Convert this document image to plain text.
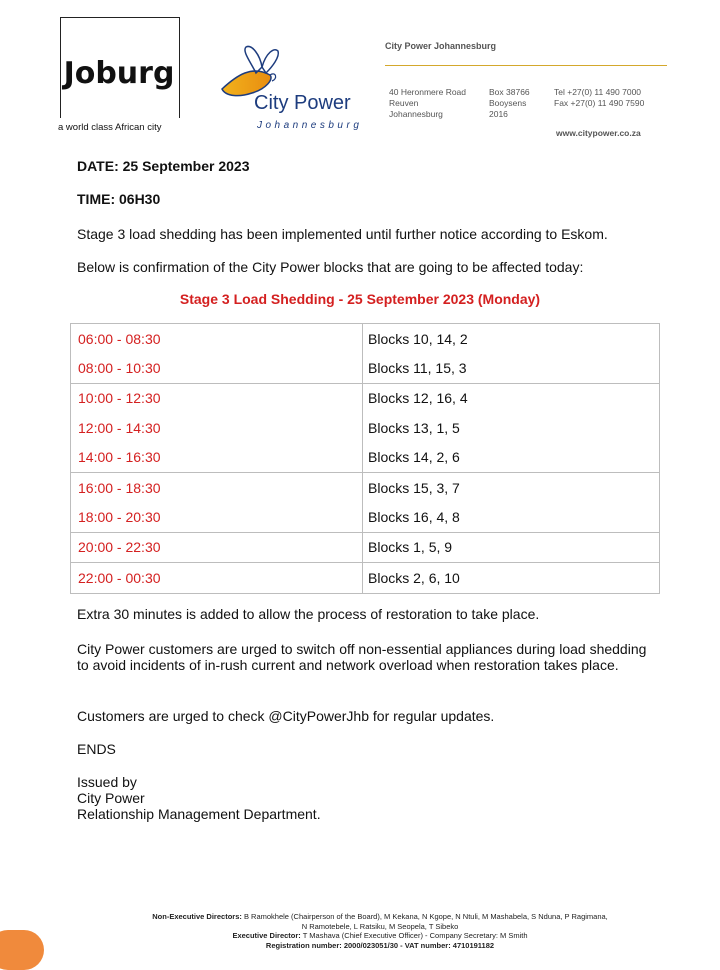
Joburg
a world class African city
City Power
Johannesburg
City Power Johannesburg
40 Heronmere Road
Reuven
Johannesburg
Box 38766
Booysens
2016
Tel +27(0) 11 490 7000
Fax +27(0) 11 490 7590
www.citypower.co.za
DATE: 25 September 2023
TIME: 06H30
Stage 3 load shedding has been implemented until further notice according to Eskom.
Below is confirmation of the City Power blocks that are going to be affected today:
Stage 3 Load Shedding - 25 September 2023 (Monday)
06:00 - 08:30	Blocks 10, 14, 2
08:00 - 10:30	Blocks 11, 15, 3
10:00 - 12:30	Blocks 12, 16, 4
12:00 - 14:30	Blocks 13, 1, 5
14:00 - 16:30	Blocks 14, 2, 6
16:00 - 18:30	Blocks 15, 3, 7
18:00 - 20:30	Blocks 16, 4, 8
20:00 - 22:30	Blocks 1, 5, 9
22:00 - 00:30	Blocks 2, 6, 10
Extra 30 minutes is added to allow the process of restoration to take place.
City Power customers are urged to switch off non-essential appliances during load shedding to avoid incidents of in-rush current and network overload when restoration takes place.
Customers are urged to check @CityPowerJhb for regular updates.
ENDS
Issued by
City Power
Relationship Management Department.
Non-Executive Directors: B Ramokhele (Chairperson of the Board), M Kekana, N Kgope, N Ntuli, M Mashabela, S Nduna, P Ragimana,
N Ramotebele, L Ratsiku, M Seopela, T Sibeko
Executive Director: T Mashava (Chief Executive Officer) - Company Secretary: M Smith
Registration number: 2000/023051/30 - VAT number: 4710191182
